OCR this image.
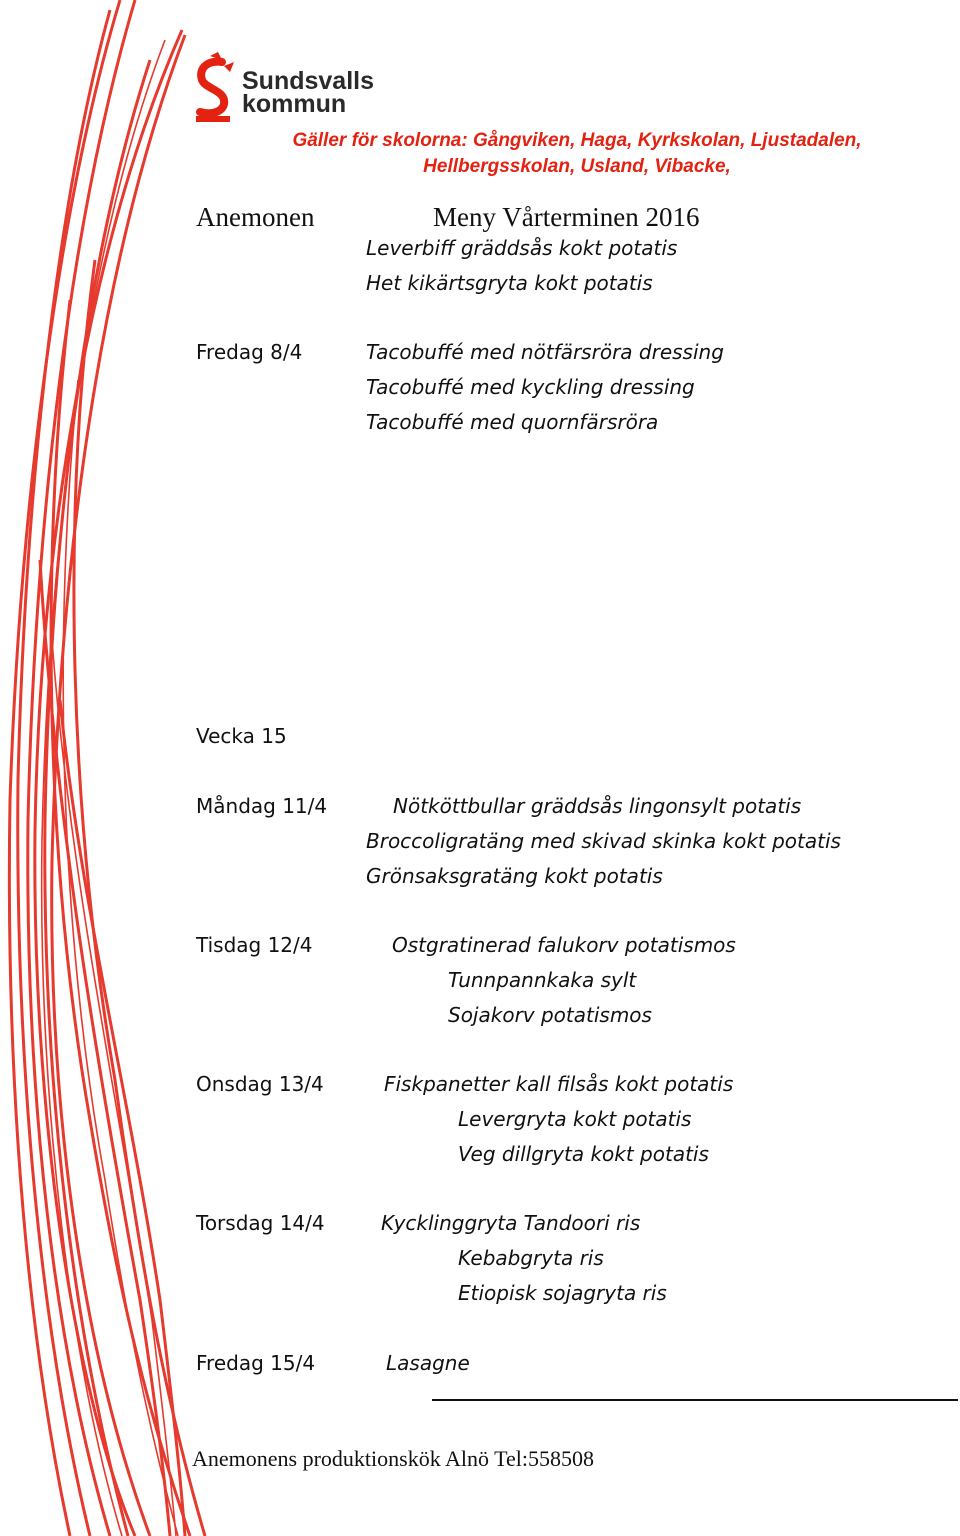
Sundsvalls
kommun
Gäller för skolorna: Gångviken, Haga, Kyrkskolan, Ljustadalen,
Hellbergsskolan, Usland, Vibacke,
Anemonen	Meny Vårterminen 2016
Leverbiff gräddsås kokt potatis
Het kikärtsgryta kokt potatis
Fredag 8/4	Tacobuffé med nötfärsröra dressing
Tacobuffé med kyckling dressing
Tacobuffé med quornfärsröra
Vecka 15
Måndag 11/4	Nötköttbullar gräddsås lingonsylt potatis
Broccoligratäng med skivad skinka kokt potatis
Grönsaksgratäng kokt potatis
Tisdag 12/4	Ostgratinerad falukorv potatismos
Tunnpannkaka sylt
Sojakorv potatismos
Onsdag 13/4	Fiskpanetter kall filsås kokt potatis
Levergryta kokt potatis
Veg dillgryta kokt potatis
Torsdag 14/4	Kycklinggryta Tandoori ris
Kebabgryta ris
Etiopisk sojagryta ris
Fredag 15/4	Lasagne
Anemonens produktionskök Alnö Tel:558508
